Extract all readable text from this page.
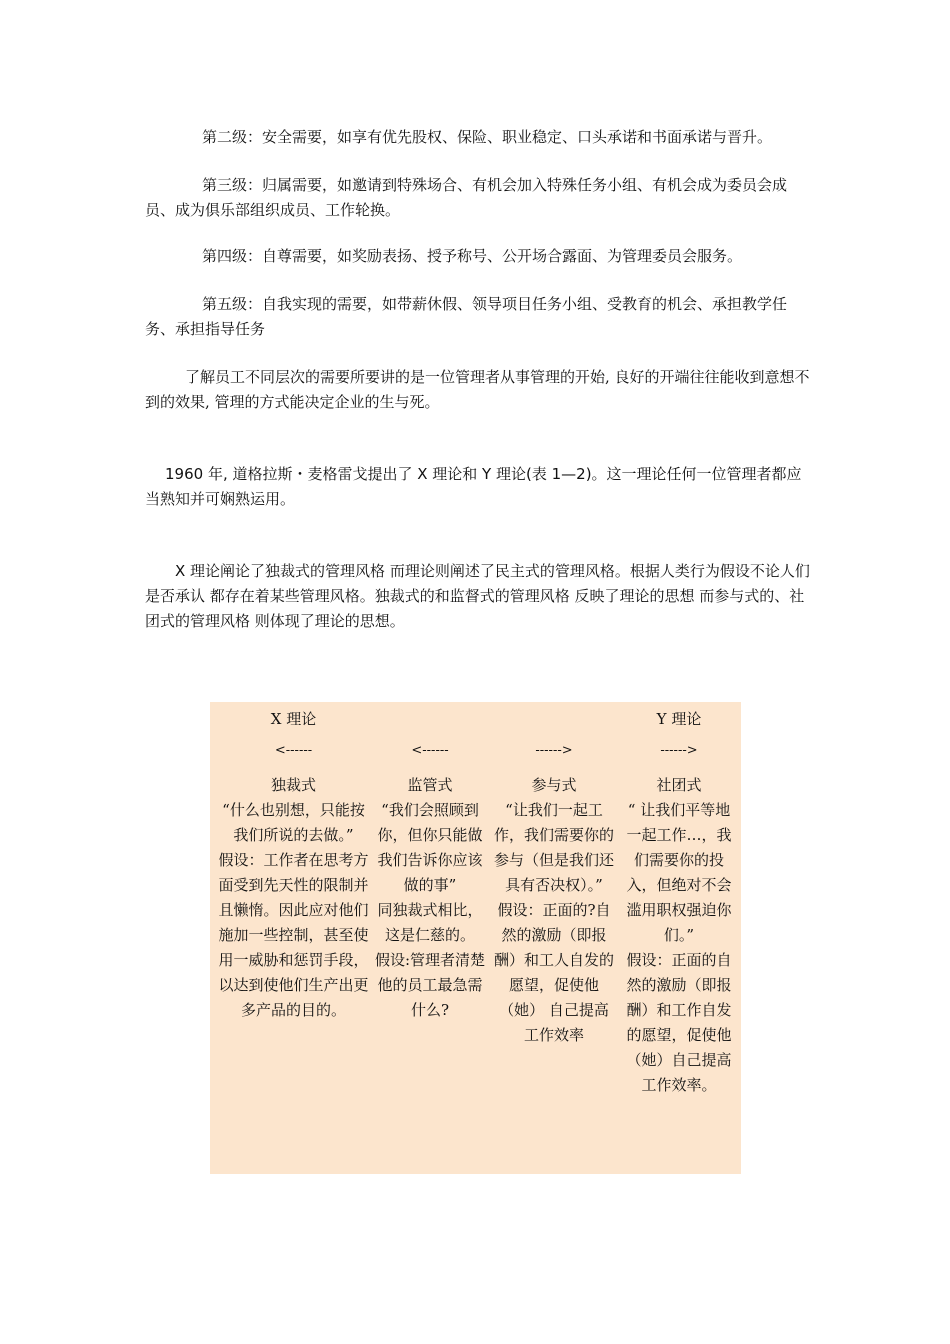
第二级：安全需要，如享有优先股权、保险、职业稳定、口头承诺和书面承诺与晋升。

第三级：归属需要，如邀请到特殊场合、有机会加入特殊任务小组、有机会成为委员会成员、成为俱乐部组织成员、工作轮换。

第四级：自尊需要，如奖励表扬、授予称号、公开场合露面、为管理委员会服务。

第五级：自我实现的需要，如带薪休假、领导项目任务小组、受教育的机会、承担教学任务、承担指导任务

了解员工不同层次的需要所要讲的是一位管理者从事管理的开始, 良好的开端往往能收到意想不到的效果, 管理的方式能决定企业的生与死。

1960 年, 道格拉斯・麦格雷戈提出了 X 理论和 Y 理论(表 1—2)。这一理论任何一位管理者都应当熟知并可娴熟运用。

X 理论阐论了独裁式的管理风格 而理论则阐述了民主式的管理风格。根据人类行为假设不论人们是否承认 都存在着某些管理风格。独裁式的和监督式的管理风格 反映了理论的思想 而参与式的、社团式的管理风格 则体现了理论的思想。

X 理论
<------
独裁式
“什么也别想，只能按我们所说的去做。”
假设：工作者在思考方面受到先天性的限制并且懒惰。因此应对他们施加一些控制，甚至使用一威胁和惩罚手段，以达到使他们生产出更多产品的目的。
<------
监管式
“我们会照顾到你，但你只能做我们告诉你应该做的事”
同独裁式相比，这是仁慈的。
假设:管理者清楚他的员工最急需什么?
------>
参与式
“让我们一起工作，我们需要你的参与（但是我们还具有否决权）。”
假设：正面的?自然的激励（即报酬）和工人自发的愿望，促使他（她） 自己提高工作效率
Y 理论
------>
社团式
“ 让我们平等地一起工作…，我们需要你的投入，但绝对不会滥用职权强迫你们。”
假设：正面的自然的激励（即报酬）和工作自发的愿望，促使他（她）自己提高工作效率。
